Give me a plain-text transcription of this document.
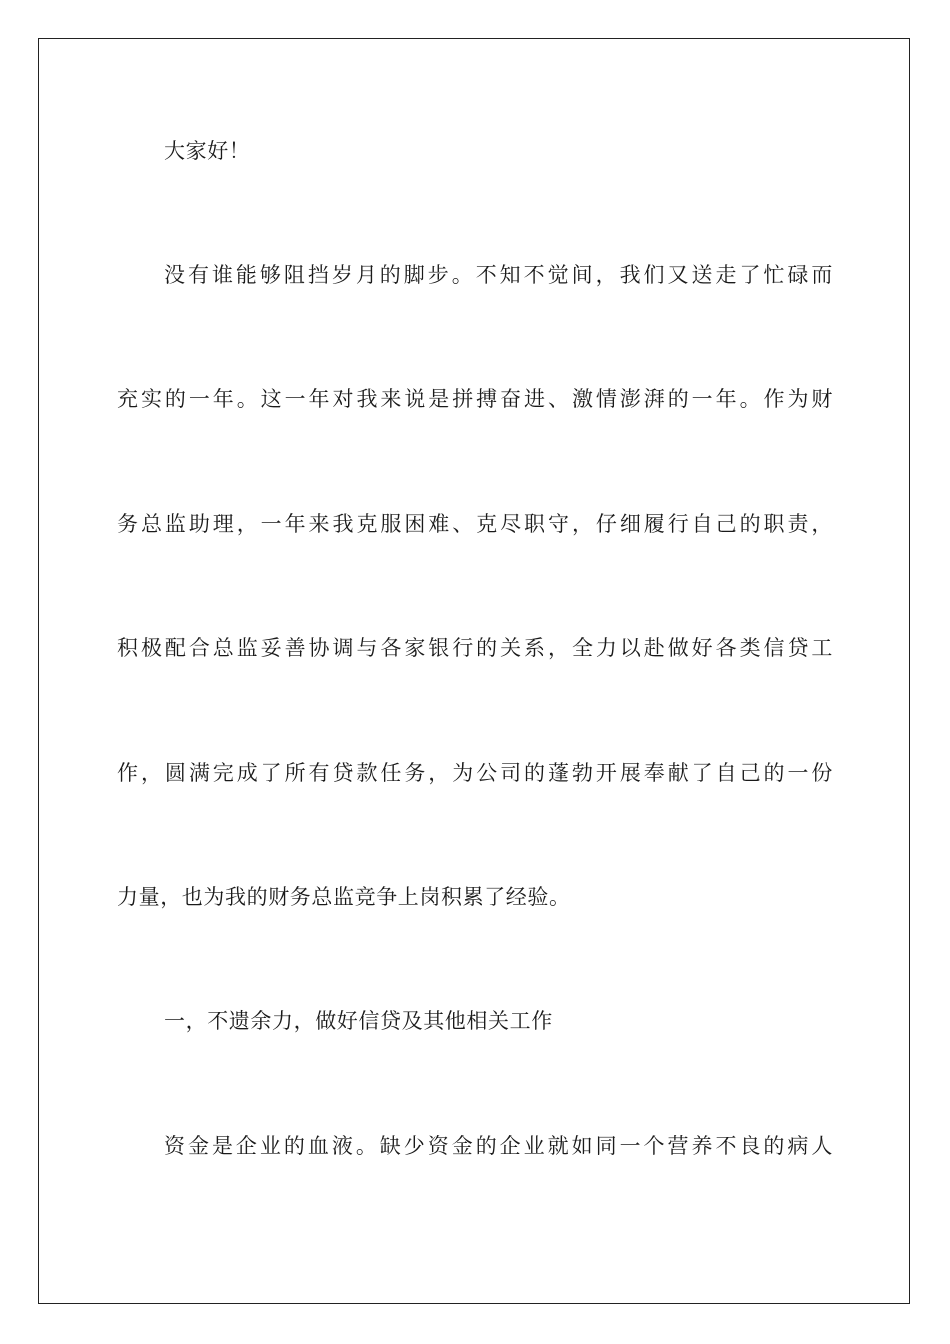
大家好！
没有谁能够阻挡岁月的脚步。不知不觉间，我们又送走了忙碌而
充实的一年。这一年对我来说是拼搏奋进、激情澎湃的一年。作为财
务总监助理，一年来我克服困难、克尽职守，仔细履行自己的职责，
积极配合总监妥善协调与各家银行的关系，全力以赴做好各类信贷工
作，圆满完成了所有贷款任务，为公司的蓬勃开展奉献了自己的一份
力量，也为我的财务总监竞争上岗积累了经验。
一，不遗余力，做好信贷及其他相关工作
资金是企业的血液。缺少资金的企业就如同一个营养不良的病人
